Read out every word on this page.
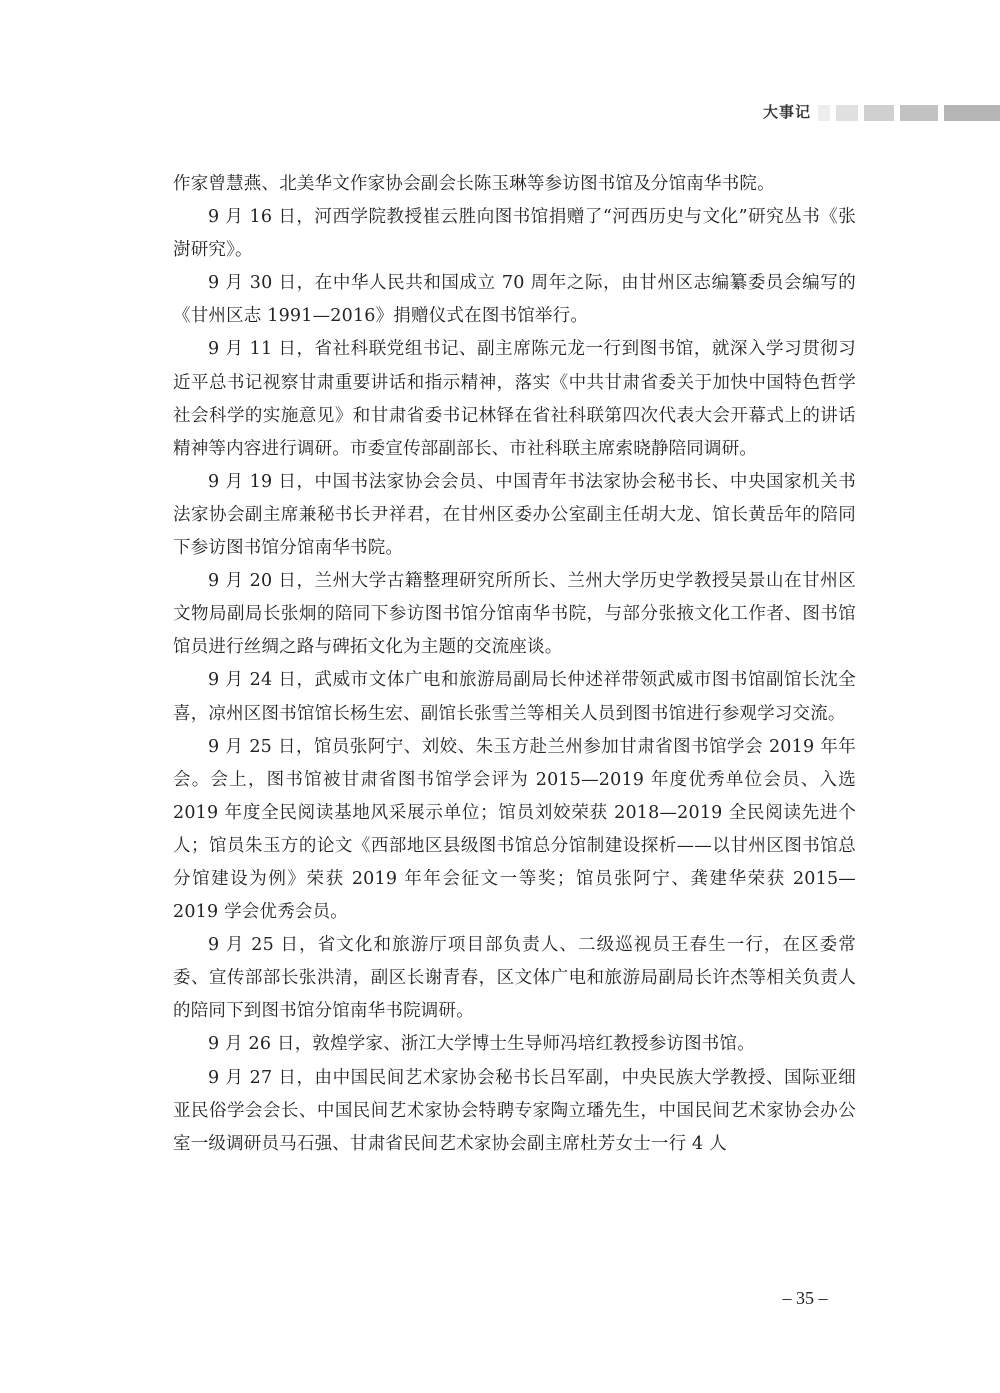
大事记

作家曾慧燕、北美华文作家协会副会长陈玉琳等参访图书馆及分馆南华书院。

9 月 16 日，河西学院教授崔云胜向图书馆捐赠了“河西历史与文化”研究丛书《张澍研究》。

9 月 30 日，在中华人民共和国成立 70 周年之际，由甘州区志编纂委员会编写的《甘州区志 1991—2016》捐赠仪式在图书馆举行。

9 月 11 日，省社科联党组书记、副主席陈元龙一行到图书馆，就深入学习贯彻习近平总书记视察甘肃重要讲话和指示精神，落实《中共甘肃省委关于加快中国特色哲学社会科学的实施意见》和甘肃省委书记林铎在省社科联第四次代表大会开幕式上的讲话精神等内容进行调研。市委宣传部副部长、市社科联主席索晓静陪同调研。

9 月 19 日，中国书法家协会会员、中国青年书法家协会秘书长、中央国家机关书法家协会副主席兼秘书长尹祥君，在甘州区委办公室副主任胡大龙、馆长黄岳年的陪同下参访图书馆分馆南华书院。

9 月 20 日，兰州大学古籍整理研究所所长、兰州大学历史学教授吴景山在甘州区文物局副局长张炯的陪同下参访图书馆分馆南华书院，与部分张掖文化工作者、图书馆馆员进行丝绸之路与碑拓文化为主题的交流座谈。

9 月 24 日，武威市文体广电和旅游局副局长仲述祥带领武威市图书馆副馆长沈全喜，凉州区图书馆馆长杨生宏、副馆长张雪兰等相关人员到图书馆进行参观学习交流。

9 月 25 日，馆员张阿宁、刘姣、朱玉方赴兰州参加甘肃省图书馆学会 2019 年年会。会上，图书馆被甘肃省图书馆学会评为 2015—2019 年度优秀单位会员、入选 2019 年度全民阅读基地风采展示单位；馆员刘姣荣获 2018—2019 全民阅读先进个人；馆员朱玉方的论文《西部地区县级图书馆总分馆制建设探析——以甘州区图书馆总分馆建设为例》荣获 2019 年年会征文一等奖；馆员张阿宁、龚建华荣获 2015—2019 学会优秀会员。

9 月 25 日，省文化和旅游厅项目部负责人、二级巡视员王春生一行，在区委常委、宣传部部长张洪清，副区长谢青春，区文体广电和旅游局副局长许杰等相关负责人的陪同下到图书馆分馆南华书院调研。

9 月 26 日，敦煌学家、浙江大学博士生导师冯培红教授参访图书馆。

9 月 27 日，由中国民间艺术家协会秘书长吕军副，中央民族大学教授、国际亚细亚民俗学会会长、中国民间艺术家协会特聘专家陶立璠先生，中国民间艺术家协会办公室一级调研员马石强、甘肃省民间艺术家协会副主席杜芳女士一行 4 人

– 35 –
